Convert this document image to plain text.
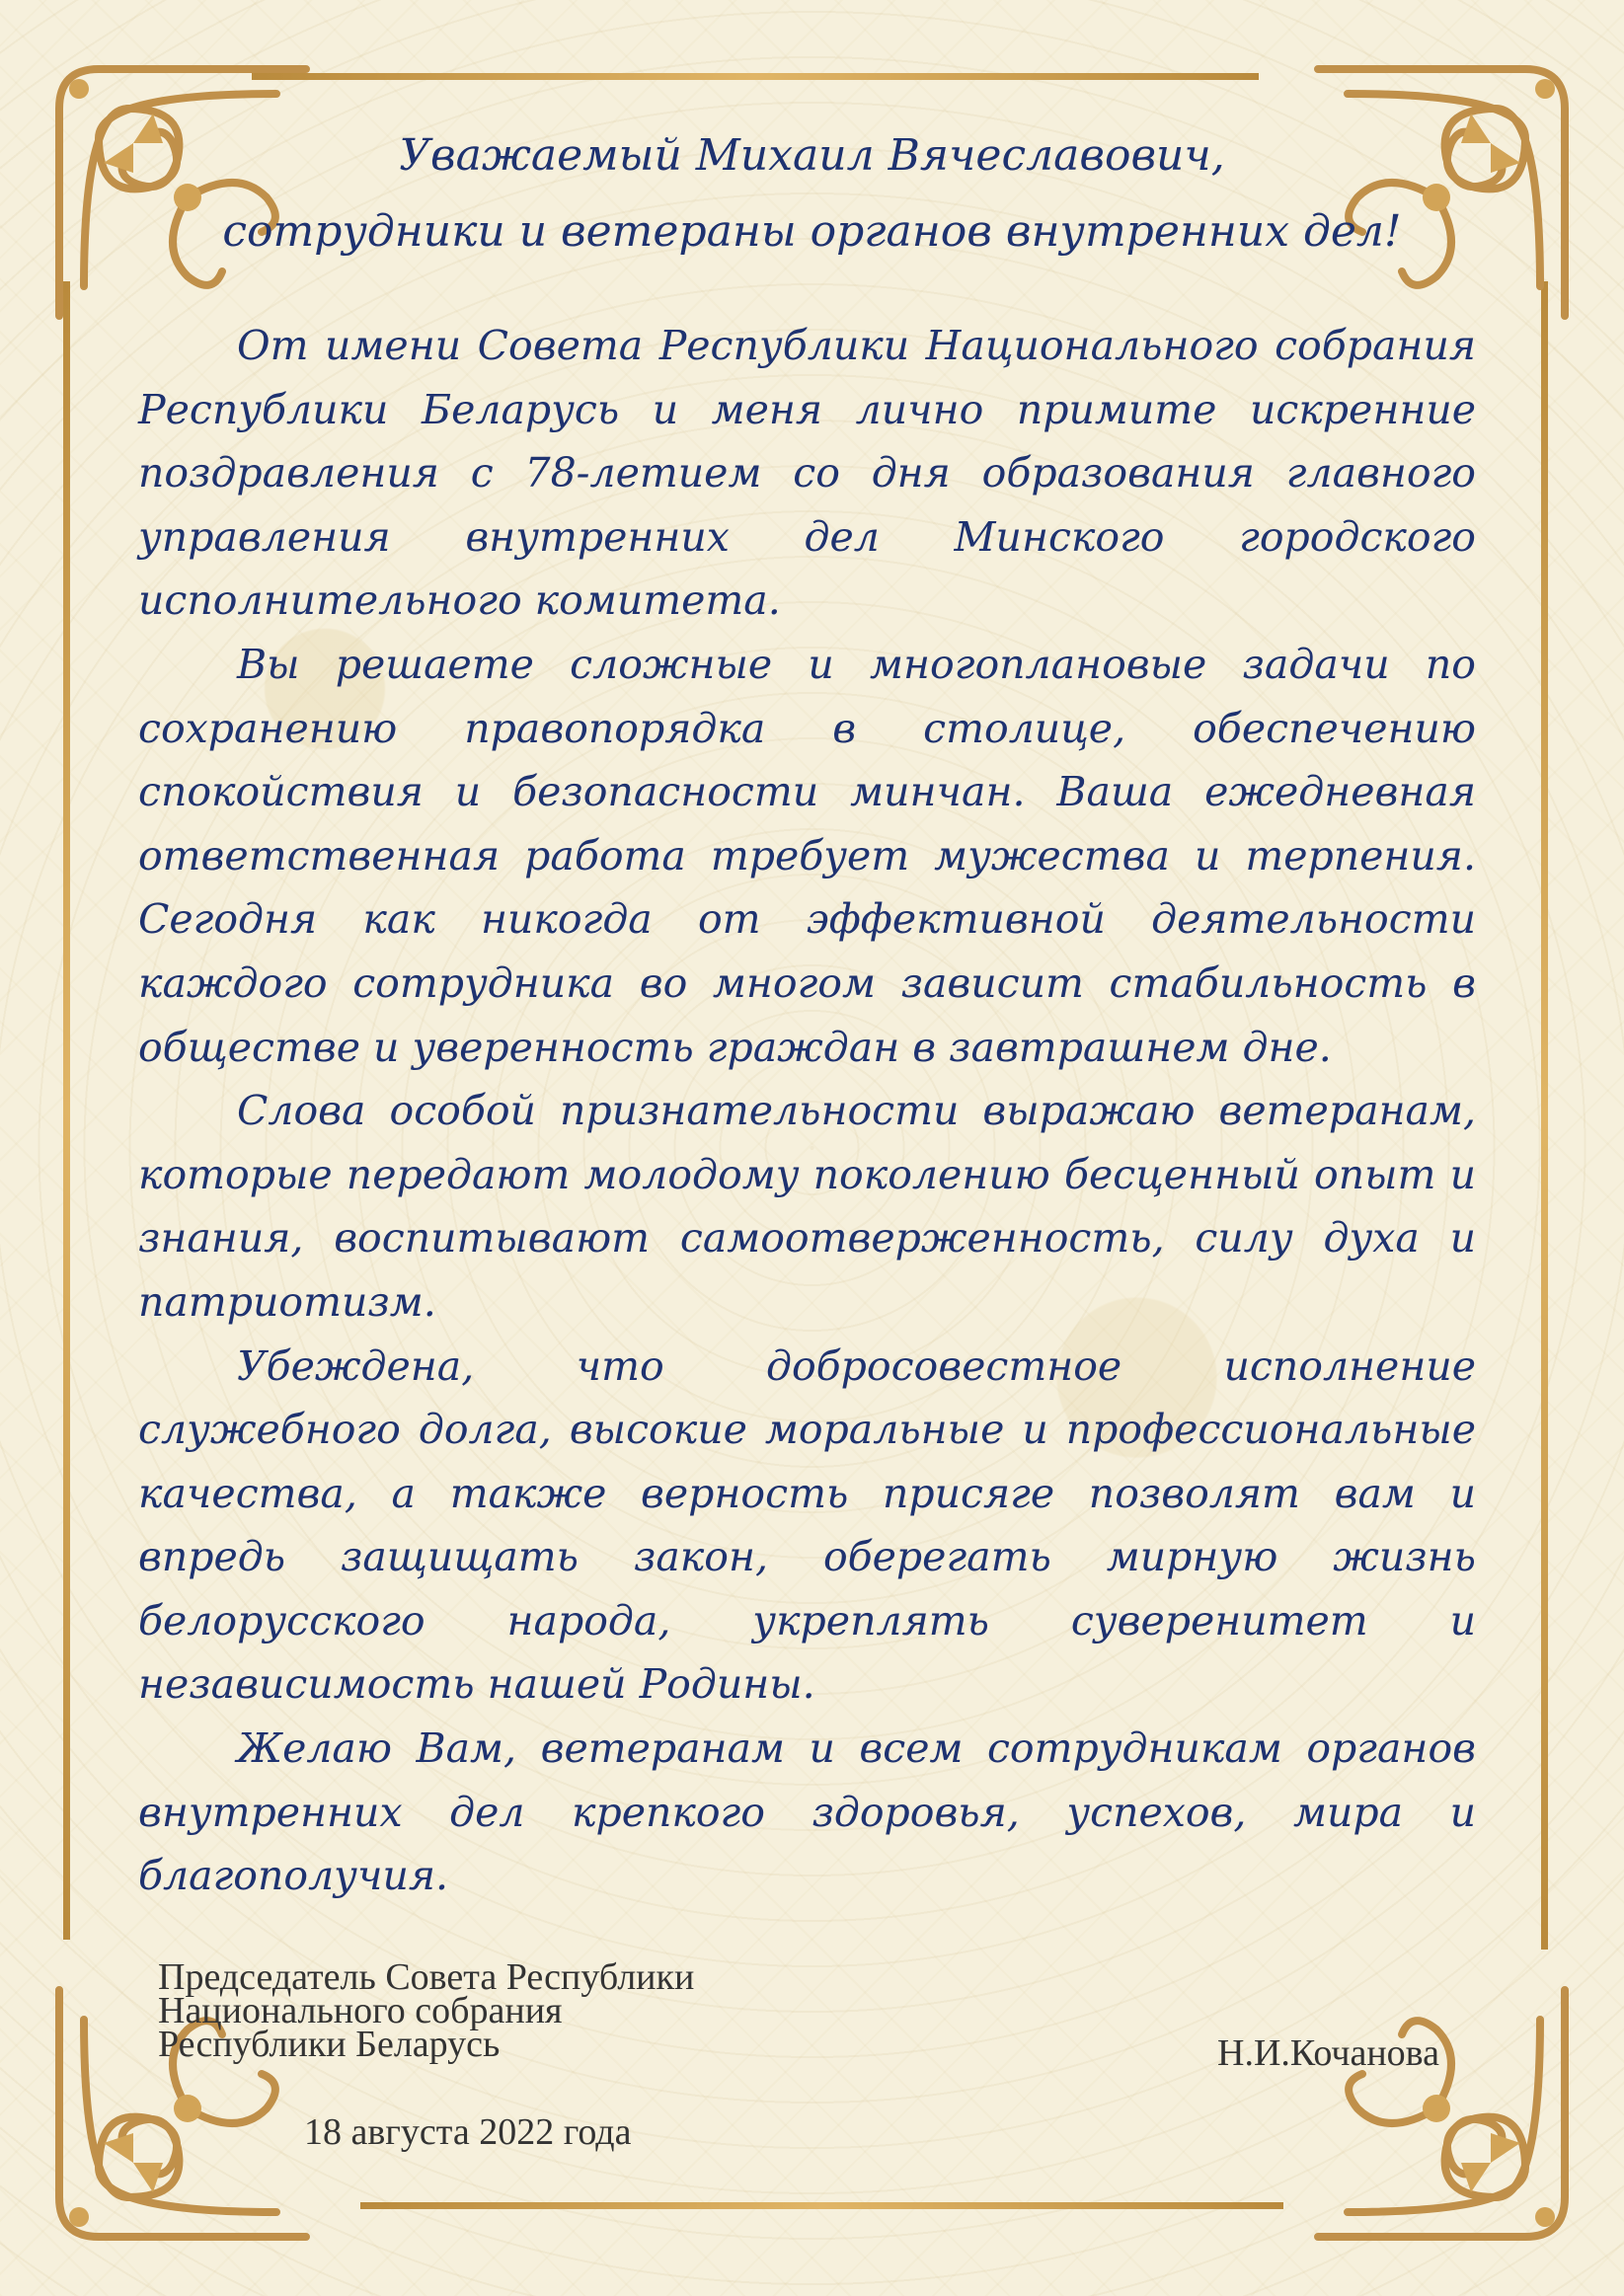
Уважаемый Михаил Вячеславович,
сотрудники и ветераны органов внутренних дел!

От имени Совета Республики Национального собрания Республики Беларусь и меня лично примите искренние поздравления с 78-летием со дня образования главного управления внутренних дел Минского городского исполнительного комитета.

Вы решаете сложные и многоплановые задачи по сохранению правопорядка в столице, обеспечению спокойствия и безопасности минчан. Ваша ежедневная ответственная работа требует мужества и терпения. Сегодня как никогда от эффективной деятельности каждого сотрудника во многом зависит стабильность в обществе и уверенность граждан в завтрашнем дне.

Слова особой признательности выражаю ветеранам, которые передают молодому поколению бесценный опыт и знания, воспитывают самоотверженность, силу духа и патриотизм.

Убеждена, что добросовестное исполнение служебного долга, высокие моральные и профессиональные качества, а также верность присяге позволят вам и впредь защищать закон, оберегать мирную жизнь белорусского народа, укреплять суверенитет и независимость нашей Родины.

Желаю Вам, ветеранам и всем сотрудникам органов внутренних дел крепкого здоровья, успехов, мира и благополучия.

Председатель Совета Республики
Национального собрания
Республики Беларусь	Н.И.Кочанова
18 августа 2022 года
